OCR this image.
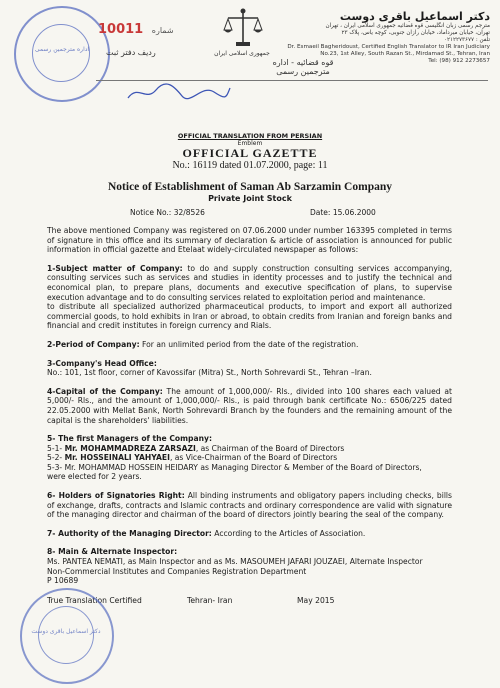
اداره مترجمین رسمی
10011 شماره
ردیف دفتر ثبت	جمهوری اسلامی ایران
قوه قضائیه - اداره مترجمین رسمی
دکتر اسماعیل باقری دوست
مترجم رسمی زبان انگلیسی قوه قضائیه جمهوری اسلامی ایران ، تهران
تهران، خیابان میرداماد، خیابان رازان جنوبی، کوچه یاس، پلاک ۲۳
تلفن : ۰۲۱۲۲۷۳۶۷۷
Dr. Esmaeil Bagheridoust, Certified English Translator to IR Iran Judiciary
No.23, 1st Alley, South Razan St., Mirdamad St., Tehran, Iran
Tel: (98) 912 2273657
OFFICIAL TRANSLATION FROM PERSIAN
Emblem
OFFICIAL GAZETTE
No.: 16119 dated 01.07.2000, page: 11
Notice of Establishment of Saman Ab Sarzamin Company
Private Joint Stock
Notice No.: 32/8526	Date: 15.06.2000

The above mentioned Company was registered on 07.06.2000 under number 163395 completed in terms of signature in this office and its summary of declaration & article of association is announced for public information in official gazette and Etelaat widely-circulated newspaper as follows:

1-Subject matter of Company: to do and supply construction consulting services accompanying, consulting services such as services and studies in identity processes and to justify the technical and economical plan, to prepare plans, documents and executive specification of plans, to supervise execution advantage and to do consulting services related to exploitation period and maintenance.
to distribute all specialized authorized pharmaceutical products, to import and export all authorized commercial goods, to hold exhibits in Iran or abroad, to obtain credits from Iranian and foreign banks and financial and credit institutes in foreign currency and Rials.

2-Period of Company: For an unlimited period from the date of the registration.

3-Company's Head Office:
No.: 101, 1st floor, corner of Kavossifar (Mitra) St., North Sohrevardi St., Tehran –Iran.

4-Capital of the Company: The amount of 1,000,000/- Rls., divided into 100 shares each valued at 5,000/- Rls., and the amount of 1,000,000/- Rls., is paid through bank certificate No.: 6506/225 dated 22.05.2000 with Mellat Bank, North Sohrevardi Branch by the founders and the remaining amount of the capital is the shareholders' liabilities.

5- The first Managers of the Company:
5-1- Mr. MOHAMMADREZA ZARSAZI, as Chairman of the Board of Directors
5-2- Mr. HOSSEINALI YAHYAEI, as Vice-Chairman of the Board of Directors
5-3- Mr. MOHAMMAD HOSSEIN HEIDARY as Managing Director & Member of the Board of Directors,
were elected for 2 years.

6- Holders of Signatories Right: All binding instruments and obligatory papers including checks, bills of exchange, drafts, contracts and Islamic contracts and ordinary correspondence are valid with signature of the managing director and chairman of the board of directors jointly bearing the seal of the company.

7- Authority of the Managing Director: According to the Articles of Association.

8- Main & Alternate Inspector:
Ms. PANTEA NEMATI, as Main Inspector and as Ms. MASOUMEH JAFARI JOUZAEI, Alternate Inspector
Non-Commercial Institutes and Companies Registration Department
P 10689

True Translation Certified	Tehran- Iran	May 2015
دکتر اسماعیل باقری دوست
